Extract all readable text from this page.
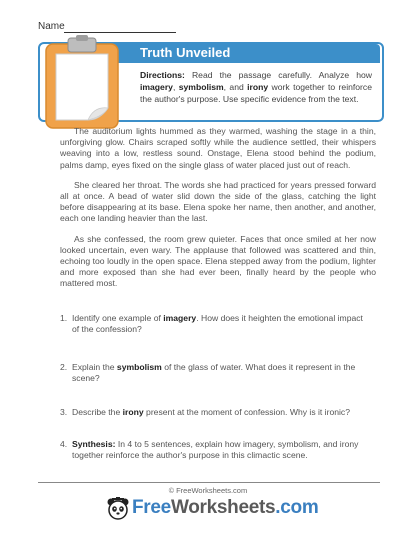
Name
Truth Unveiled
Directions: Read the passage carefully. Analyze how imagery, symbolism, and irony work together to reinforce the author's purpose. Use specific evidence from the text.

The auditorium lights hummed as they warmed, washing the stage in a thin, unforgiving glow. Chairs scraped softly while the audience settled, their whispers weaving into a low, restless sound. Onstage, Elena stood behind the podium, palms damp, eyes fixed on the single glass of water placed just out of reach.

She cleared her throat. The words she had practiced for years pressed forward all at once. A bead of water slid down the side of the glass, catching the light before disappearing at its base. Elena spoke her name, then another, and another, each one landing heavier than the last.

As she confessed, the room grew quieter. Faces that once smiled at her now looked uncertain, even wary. The applause that followed was scattered and thin, echoing too loudly in the open space. Elena stepped away from the podium, lighter and more exposed than she had ever been, finally heard by the people who mattered most.

1. Identify one example of imagery. How does it heighten the emotional impact of the confession?
2. Explain the symbolism of the glass of water. What does it represent in the scene?
3. Describe the irony present at the moment of confession. Why is it ironic?
4. Synthesis: In 4 to 5 sentences, explain how imagery, symbolism, and irony together reinforce the author's purpose in this climactic scene.
© FreeWorksheets.com
FreeWorksheets.com
